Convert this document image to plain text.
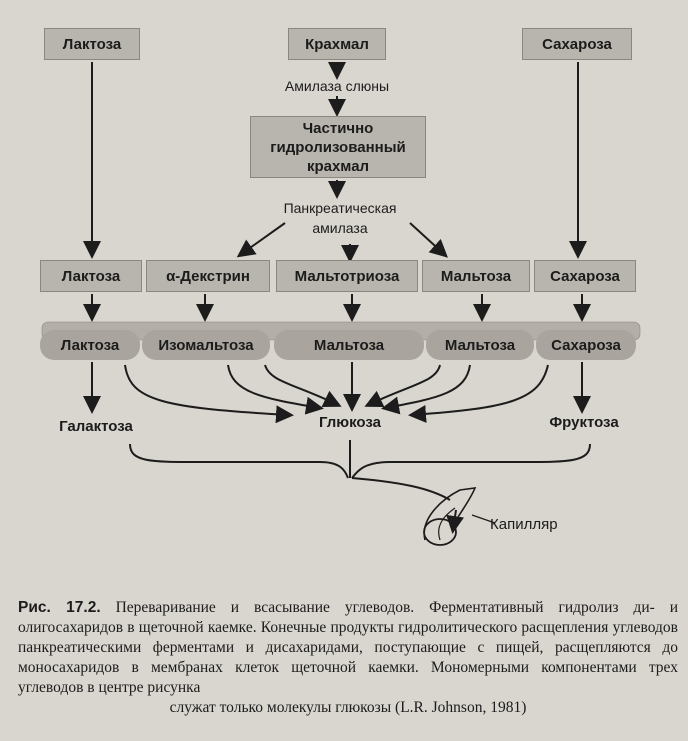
Лактоза	Крахмал	Сахароза
Амилаза слюны
Частично
гидролизованный
крахмал
Панкреатическая
амилаза
Лактоза	α-Декстрин	Мальтотриоза	Мальтоза	Сахароза
Лактоза	Изомальтоза	Мальтоза	Мальтоза	Сахароза
Галактоза	Глюкоза	Фруктоза
Капилляр
Рис. 17.2. Переваривание и всасывание углеводов. Ферментативный гидролиз ди- и олигосахаридов в щеточной каемке. Конечные продукты гидролитического расщепления углеводов панкреатическими ферментами и дисахаридами, поступающие с пищей, расщепляются до моносахаридов в мембранах клеток щеточной каемки. Мономерными компонентами трех углеводов в центре рисунка
служат только молекулы глюкозы (L.R. Johnson, 1981)
